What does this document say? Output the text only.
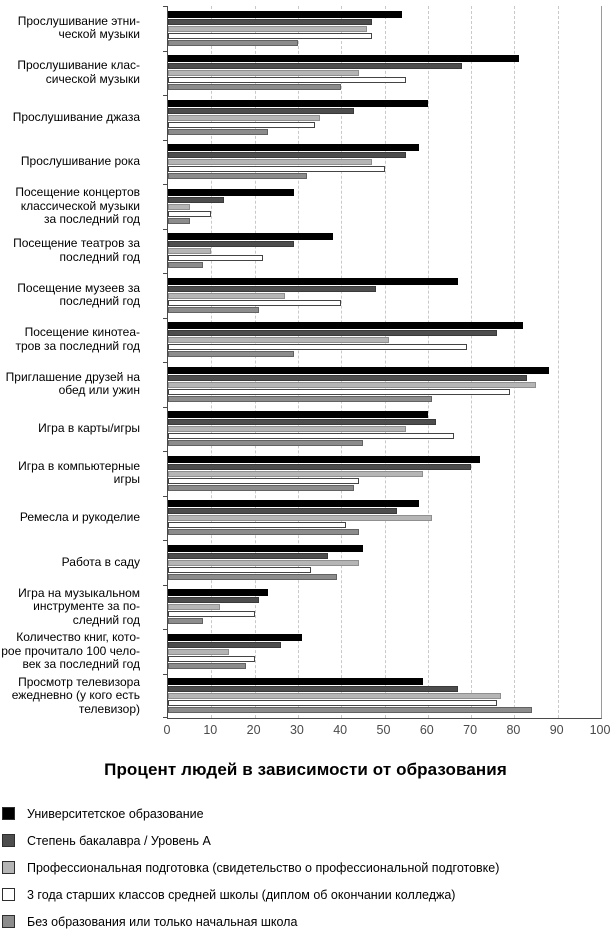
Прослушивание этни-
ческой музыки
Прослушивание клас-
сической музыки
Прослушивание джаза
Прослушивание рока
Посещение концертов
классической музыки
за последний год
Посещение театров за
последний год
Посещение музеев за
последний год
Посещение кинотеа-
тров за последний год
Приглашение друзей на
обед или ужин
Игра в карты/игры
Игра в компьютерные
игры
Ремесла и рукоделие
Работа в саду
Игра на музыкальном
инструменте за по-
следний год
Количество книг, кото-
рое прочитало 100 чело-
век за последний год
Просмотр телевизора
ежедневно (у кого есть
телевизор)
0	10	20	30	40	50	60	70	80	90	100
Процент людей в зависимости от образования
Университетское образование
Степень бакалавра / Уровень А
Профессиональная подготовка (свидетельство о профессиональной подготовке)
3 года старших классов средней школы (диплом об окончании колледжа)
Без образования или только начальная школа
